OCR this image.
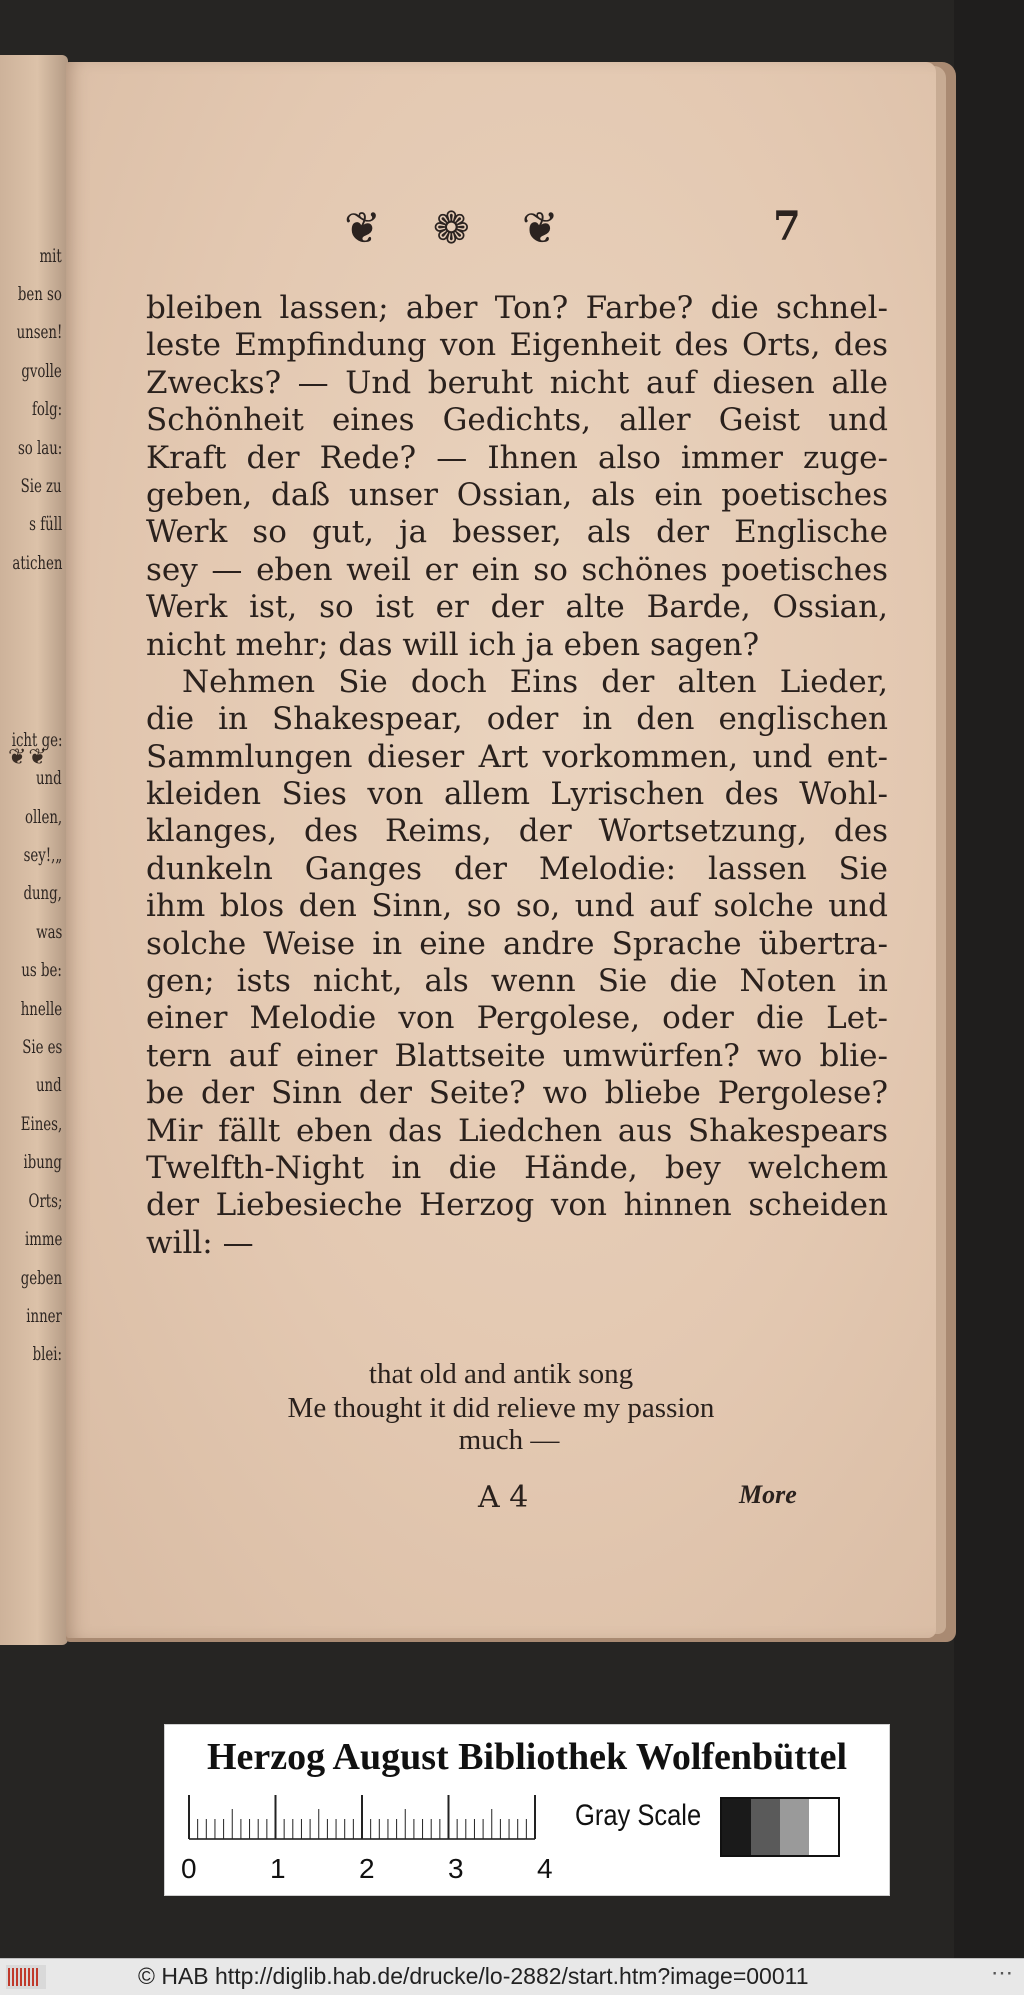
❦❦
mit
ben so
unsen!
gvolle
folg:
so lau:
Sie zu
s füll
atichen
icht ge:
und
ollen,
sey!,„
dung,
was
us be:
hnelle
Sie es
und
Eines,
ibung
Orts;
imme
geben
inner
blei:
❦ ❁ ❦	7
bleiben lassen; aber Ton? Farbe? die schnel-
leste Empfindung von Eigenheit des Orts, des
Zwecks? — Und beruht nicht auf diesen alle
Schönheit eines Gedichts, aller Geist und
Kraft der Rede? — Ihnen also immer zuge-
geben, daß unser Ossian, als ein poetisches
Werk so gut, ja besser, als der Englische
sey — eben weil er ein so schönes poetisches
Werk ist, so ist er der alte Barde, Ossian,
nicht mehr; das will ich ja eben sagen?
Nehmen Sie doch Eins der alten Lieder,
die in Shakespear, oder in den englischen
Sammlungen dieser Art vorkommen, und ent-
kleiden Sies von allem Lyrischen des Wohl-
klanges, des Reims, der Wortsetzung, des
dunkeln Ganges der Melodie: lassen Sie
ihm blos den Sinn, so so, und auf solche und
solche Weise in eine andre Sprache übertra-
gen; ists nicht, als wenn Sie die Noten in
einer Melodie von Pergolese, oder die Let-
tern auf einer Blattseite umwürfen? wo blie-
be der Sinn der Seite? wo bliebe Pergolese?
Mir fällt eben das Liedchen aus Shakespears
Twelfth-Night in die Hände, bey welchem
der Liebesieche Herzog von hinnen scheiden
will: —
that old and antik song
Me thought it did relieve my passion
much —
A 4	More
Herzog August Bibliothek Wolfenbüttel
0	1	2	3	4
Gray Scale
© HAB http://diglib.hab.de/drucke/lo-2882/start.htm?image=00011	⋯
